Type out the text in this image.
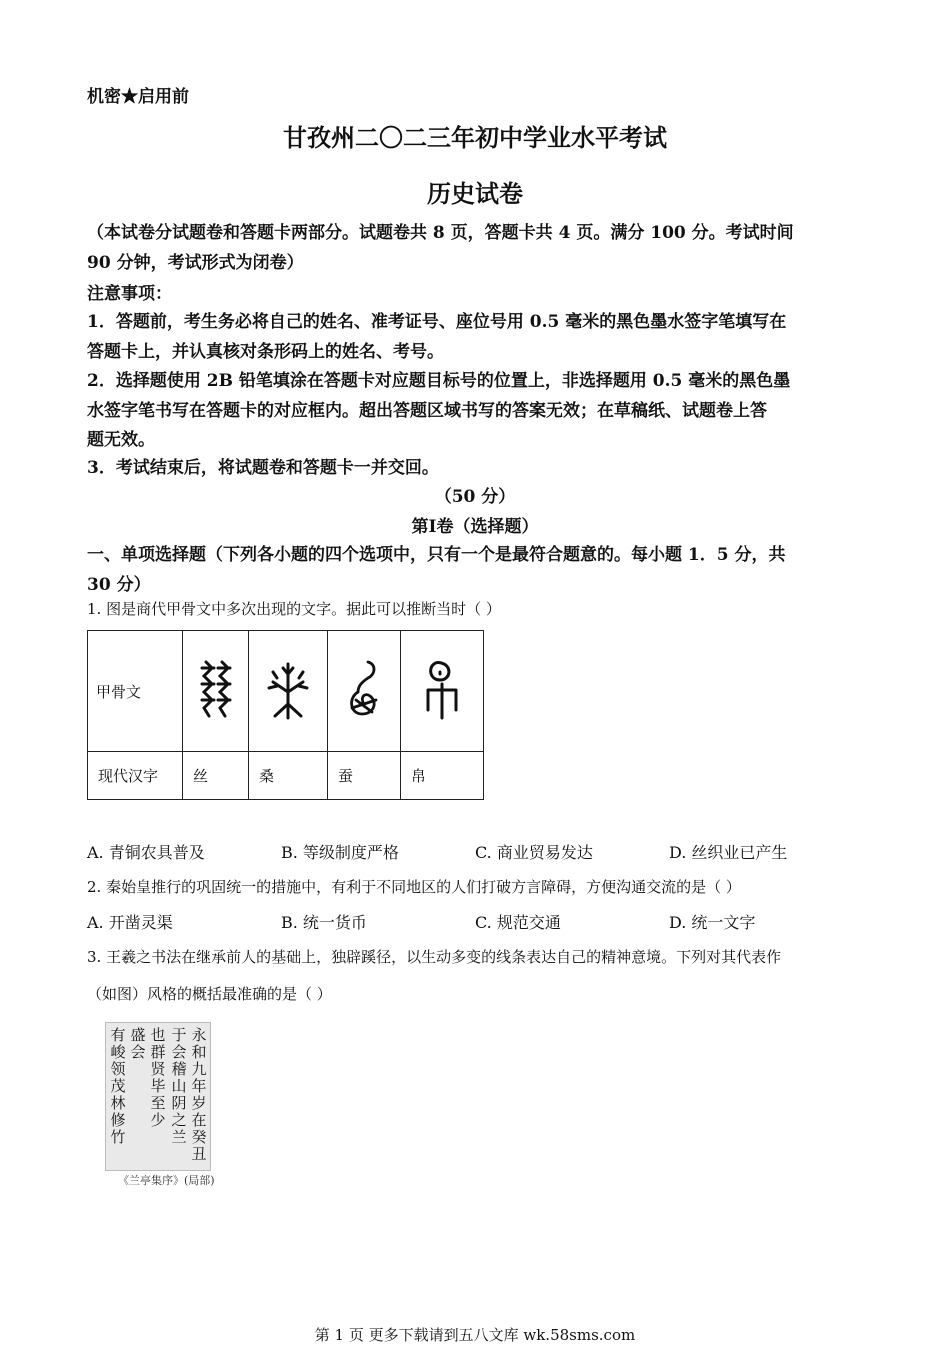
机密★启用前
甘孜州二〇二三年初中学业水平考试
历史试卷
（本试卷分试题卷和答题卡两部分。试题卷共 8 页，答题卡共 4 页。满分 100 分。考试时间
90 分钟，考试形式为闭卷）
注意事项：
1．答题前，考生务必将自己的姓名、准考证号、座位号用 0.5 毫米的黑色墨水签字笔填写在
答题卡上，并认真核对条形码上的姓名、考号。
2．选择题使用 2B 铅笔填涂在答题卡对应题目标号的位置上，非选择题用 0.5 毫米的黑色墨
水签字笔书写在答题卡的对应框内。超出答题区域书写的答案无效；在草稿纸、试题卷上答
题无效。
3．考试结束后，将试题卷和答题卡一并交回。
（50 分）
第Ⅰ卷（选择题）
一、单项选择题（下列各小题的四个选项中，只有一个是最符合题意的。每小题 1．5 分，共
30 分）
1. 图是商代甲骨文中多次出现的文字。据此可以推断当时（ ）
甲骨文				
现代汉字	丝	桑	蚕	帛
A. 青铜农具普及	B. 等级制度严格	C. 商业贸易发达	D. 丝织业已产生
2. 秦始皇推行的巩固统一的措施中，有利于不同地区的人们打破方言障碍，方便沟通交流的是（ ）
A. 开凿灵渠	B. 统一货币	C. 规范交通	D. 统一文字
3. 王羲之书法在继承前人的基础上，独辟蹊径，以生动多变的线条表达自己的精神意境。下列对其代表作
（如图）风格的概括最准确的是（ ）
永和九年岁在癸丑
于会稽山阴之兰
也群贤毕至少
盛会
有峻领茂林修竹
《兰亭集序》(局部)
第 1 页 更多下载请到五八文库 wk.58sms.com
